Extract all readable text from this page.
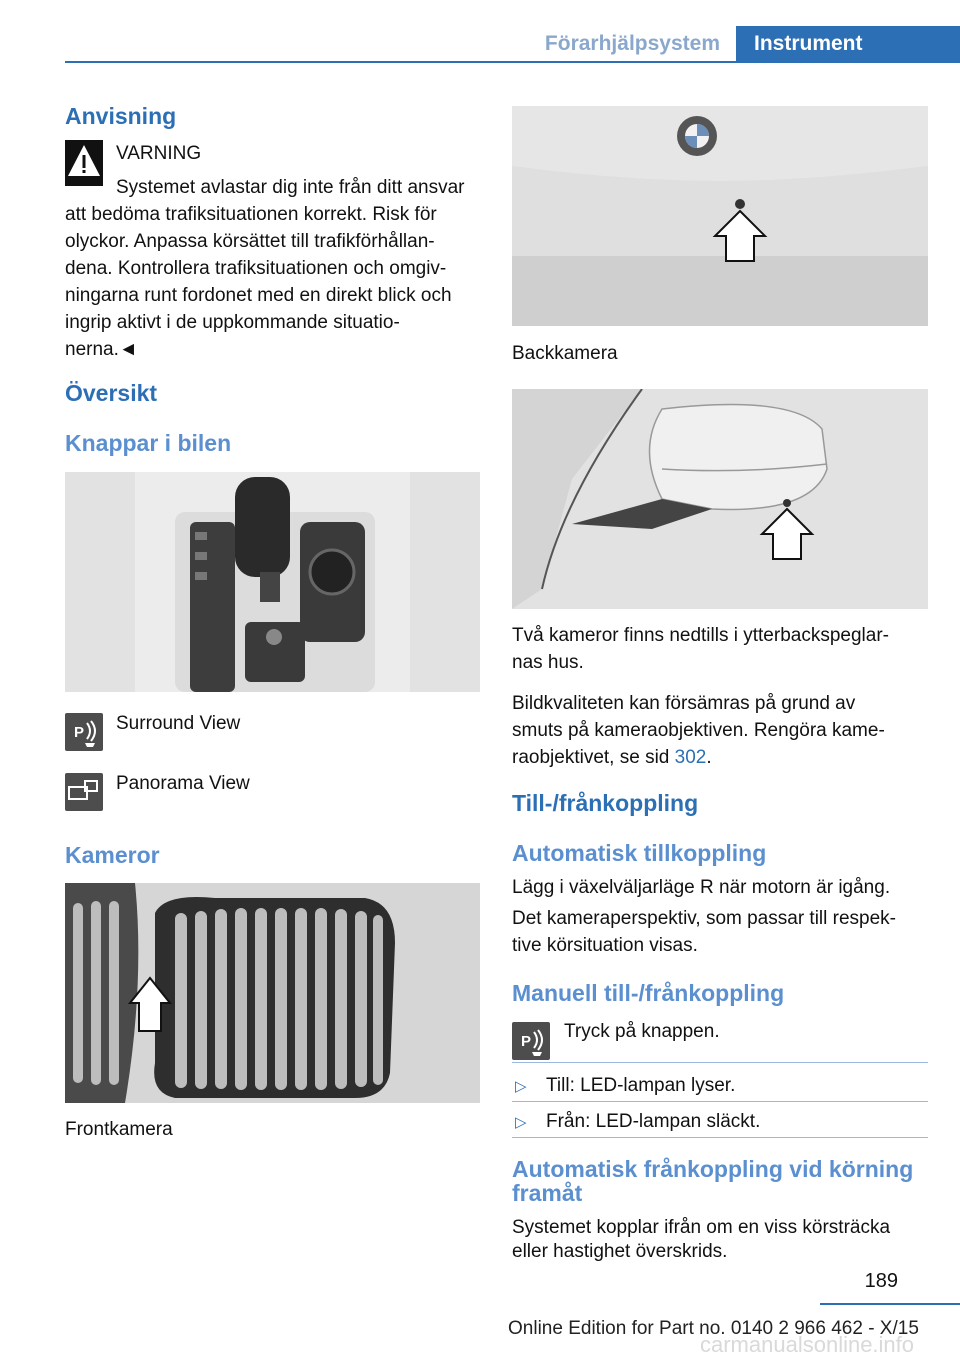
Förarhjälpsystem	Instrument
Anvisning
VARNING
Systemet avlastar dig inte från ditt ansvar
att bedöma trafiksituationen korrekt. Risk för
olyckor. Anpassa körsättet till trafikförhållan‐
dena. Kontrollera trafiksituationen och omgiv‐
ningarna runt fordonet med en direkt blick och
ingrip aktivt i de uppkommande situatio‐
nerna.◄
Översikt
Knappar i bilen
P Surround View
Panorama View
Kameror
Frontkamera
Backkamera
Två kameror finns nedtills i ytterbackspeglar‐
nas hus.
Bildkvaliteten kan försämras på grund av
smuts på kameraobjektiven. Rengöra kame‐
raobjektivet, se sid 302.
Till-/frånkoppling
Automatisk tillkoppling
Lägg i växelväljarläge R när motorn är igång.
Det kameraperspektiv, som passar till respek‐
tive körsituation visas.
Manuell till-/frånkoppling
P Tryck på knappen.
▷ Till: LED-lampan lyser.
▷ Från: LED-lampan släckt.
Automatisk frånkoppling vid körning
framåt
Systemet kopplar ifrån om en viss körsträcka
eller hastighet överskrids.
189
Online Edition for Part no. 0140 2 966 462 - X/15
carmanualsonline.info
